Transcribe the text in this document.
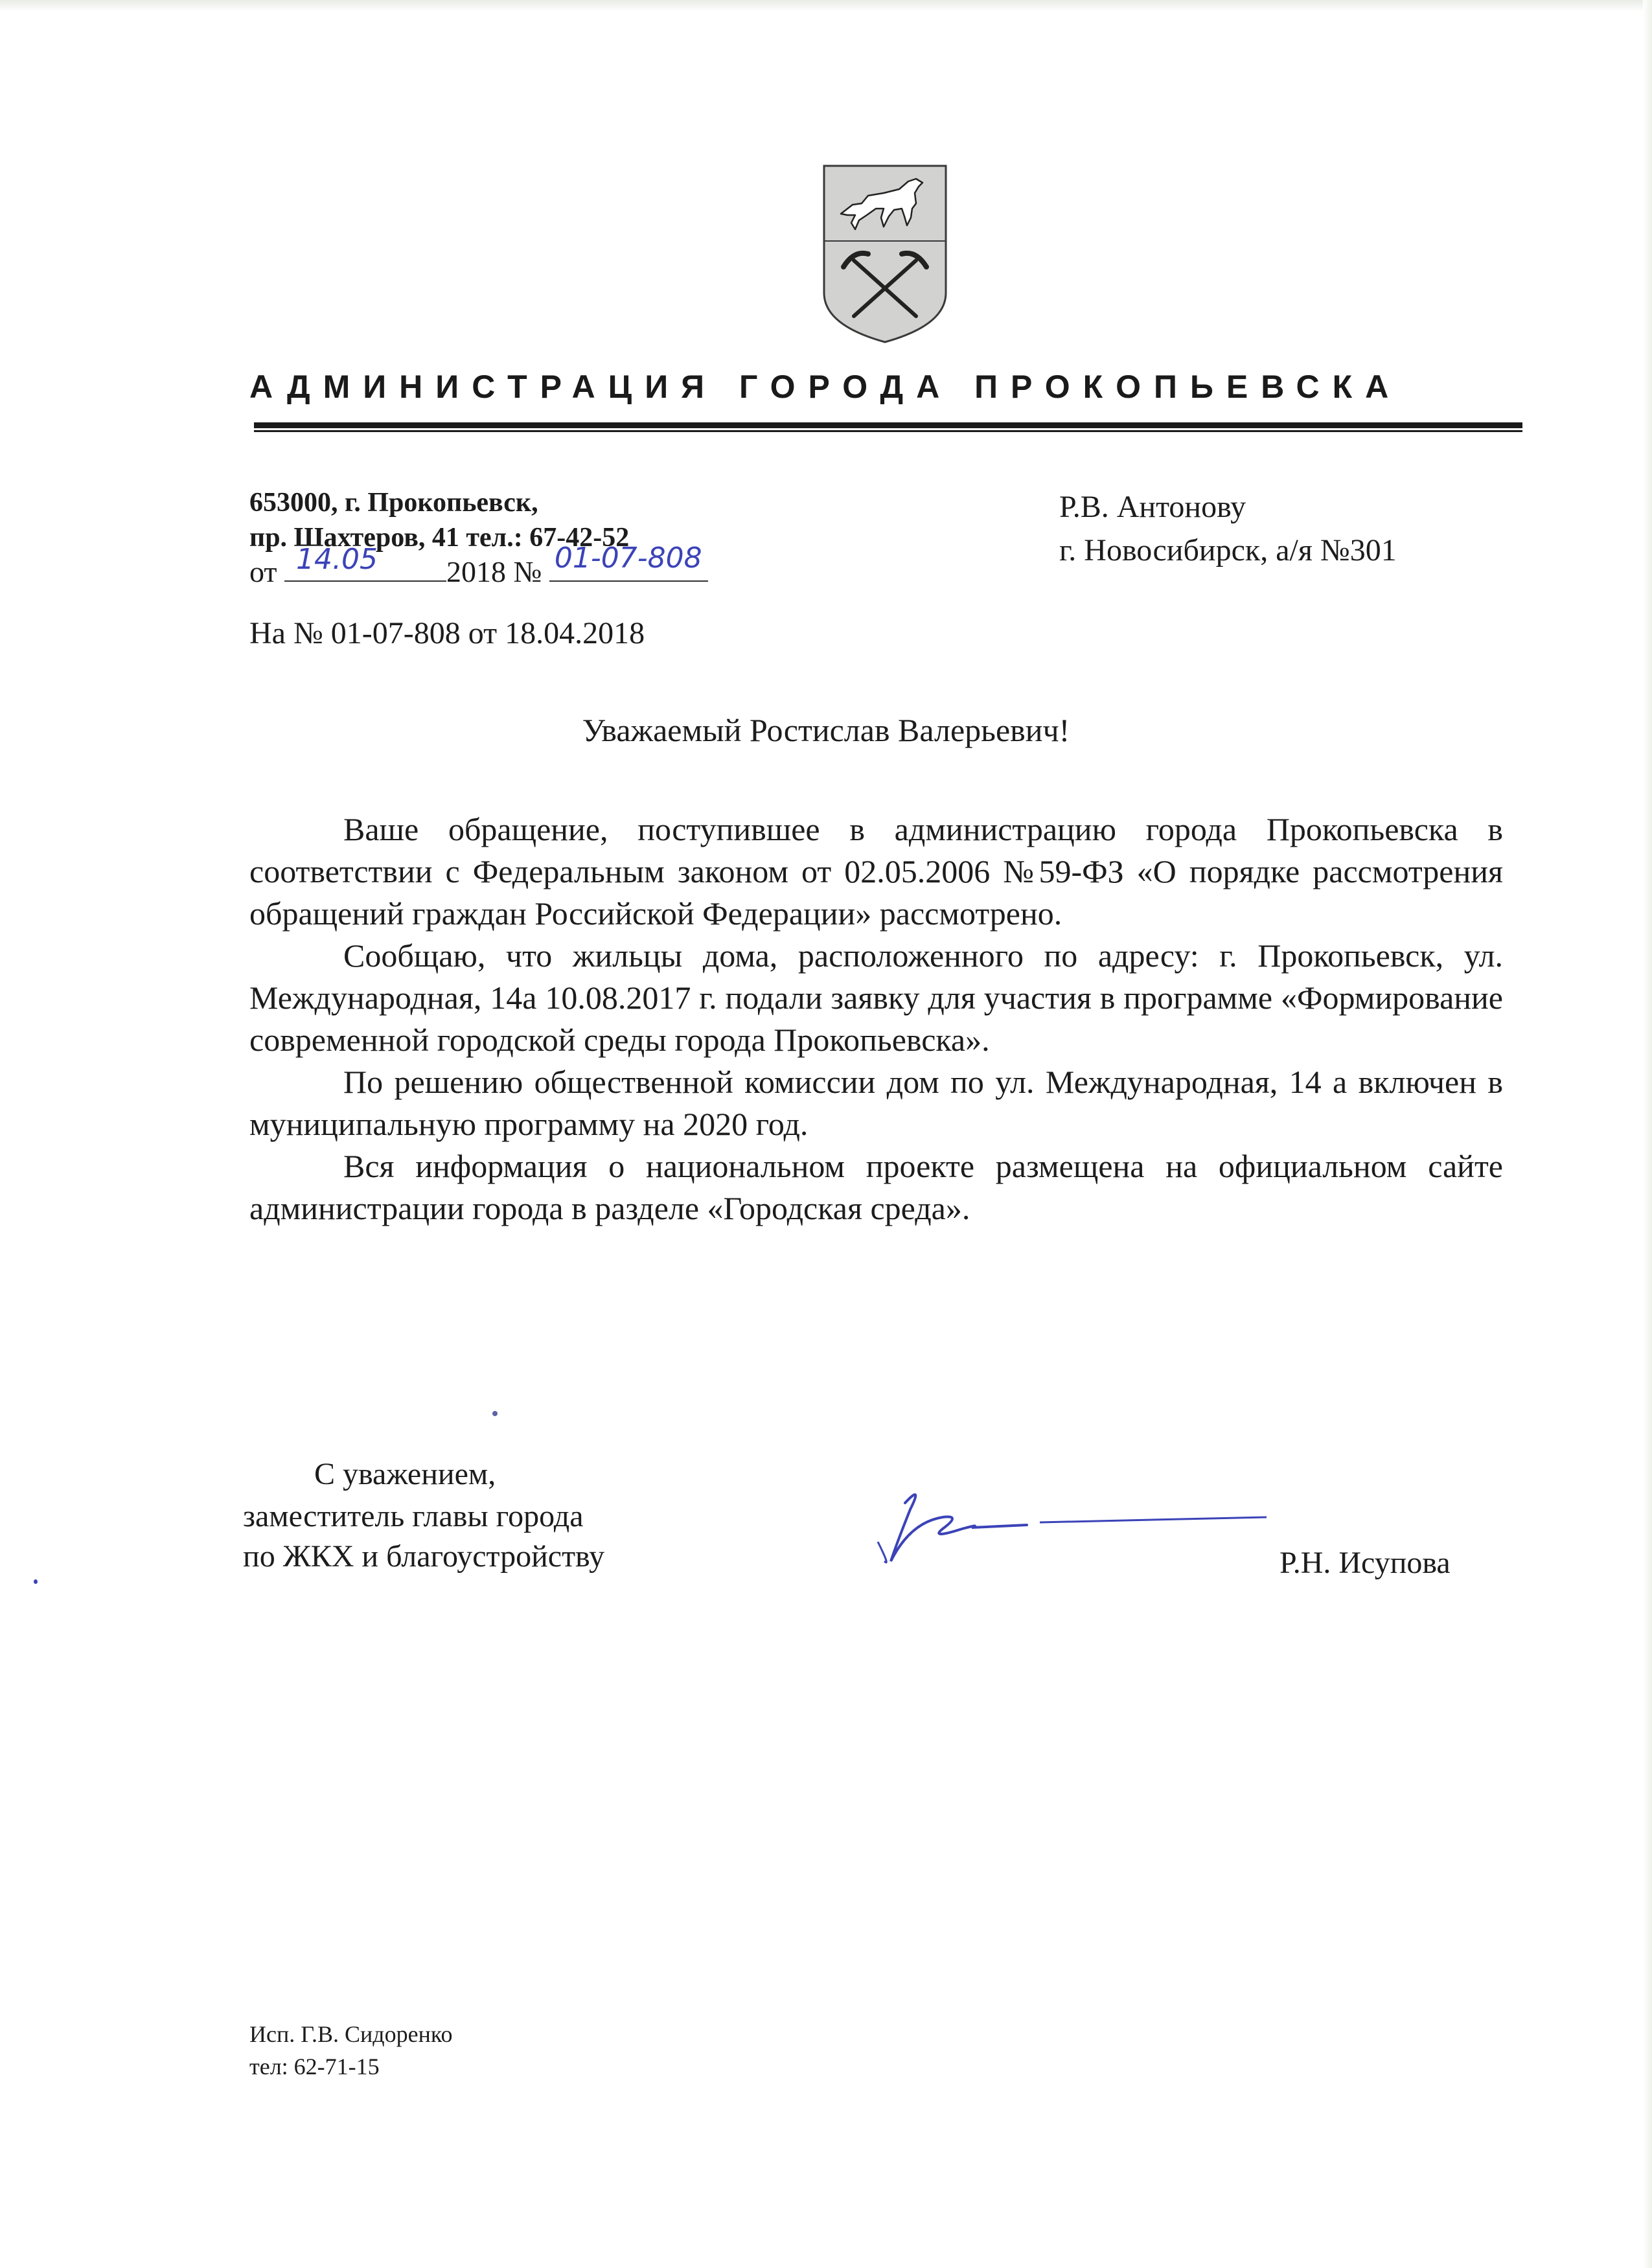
АДМИНИСТРАЦИЯ ГОРОДА ПРОКОПЬЕВСКА
653000, г. Прокопьевск,
пр. Шахтеров, 41 тел.: 67-42-52
от 14.05 2018 № 01-07-808
На № 01-07-808 от 18.04.2018
Р.В. Антонову
г. Новосибирск, а/я №301
Уважаемый Ростислав Валерьевич!

Ваше обращение, поступившее в администрацию города Прокопьевска в соответствии с Федеральным законом от 02.05.2006 №59-ФЗ «О порядке рассмотрения обращений граждан Российской Федерации» рассмотрено.

Сообщаю, что жильцы дома, расположенного по адресу: г. Прокопьевск, ул. Международная, 14а 10.08.2017 г. подали заявку для участия в программе «Формирование современной городской среды города Прокопьевска».

По решению общественной комиссии дом по ул. Международная, 14 а включен в муниципальную программу на 2020 год.

Вся информация о национальном проекте размещена на официальном сайте администрации города в разделе «Городская среда».

С уважением,
заместитель главы города
по ЖКХ и благоустройству	Р.Н. Исупова
Исп. Г.В. Сидоренко
тел: 62-71-15
